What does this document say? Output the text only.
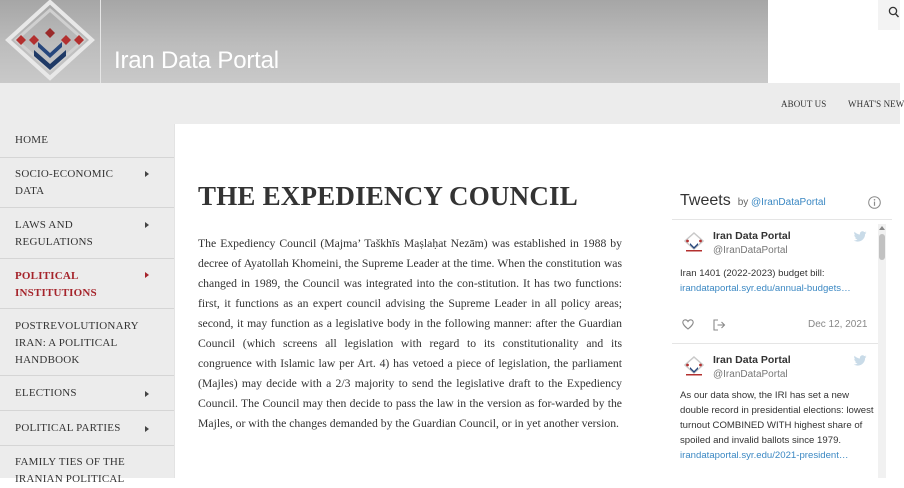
Iran Data Portal
ABOUT US WHAT'S NEW
HOME
SOCIO-ECONOMIC
DATA
LAWS AND
REGULATIONS
POLITICAL
INSTITUTIONS
POSTREVOLUTIONARY
IRAN: A POLITICAL
HANDBOOK
ELECTIONS
POLITICAL PARTIES
FAMILY TIES OF THE
IRANIAN POLITICAL
THE EXPEDIENCY COUNCIL

The Expediency Council (Majma’ Taškhīs Maṣlaḥat Nezām) was established in 1988 by decree of Ayatollah Khomeini, the Supreme Leader at the time. When the constitution was changed in 1989, the Council was integrated into the con-stitution. It has two functions: first, it functions as an expert council advising the Supreme Leader in all policy areas; second, it may function as a legislative body in the following manner: after the Guardian Council (which screens all legislation with regard to its constitutionality and its congruence with Islamic law per Art. 4) has vetoed a piece of legislation, the parliament (Majles) may decide with a 2/3 majority to send the legislative draft to the Expediency Council. The Council may then decide to pass the law in the version as for-warded by the Majles, or with the changes demanded by the Guardian Council, or in yet another version.

Tweets by @IranDataPortal
Iran Data Portal
@IranDataPortal
Iran 1401 (2022-2023) budget bill:
irandataportal.syr.edu/annual-budgets…
Dec 12, 2021
Iran Data Portal
@IranDataPortal
As our data show, the IRI has set a new double record in presidential elections: lowest turnout COMBINED WITH highest share of spoiled and invalid ballots since 1979. irandataportal.syr.edu/2021-president…
